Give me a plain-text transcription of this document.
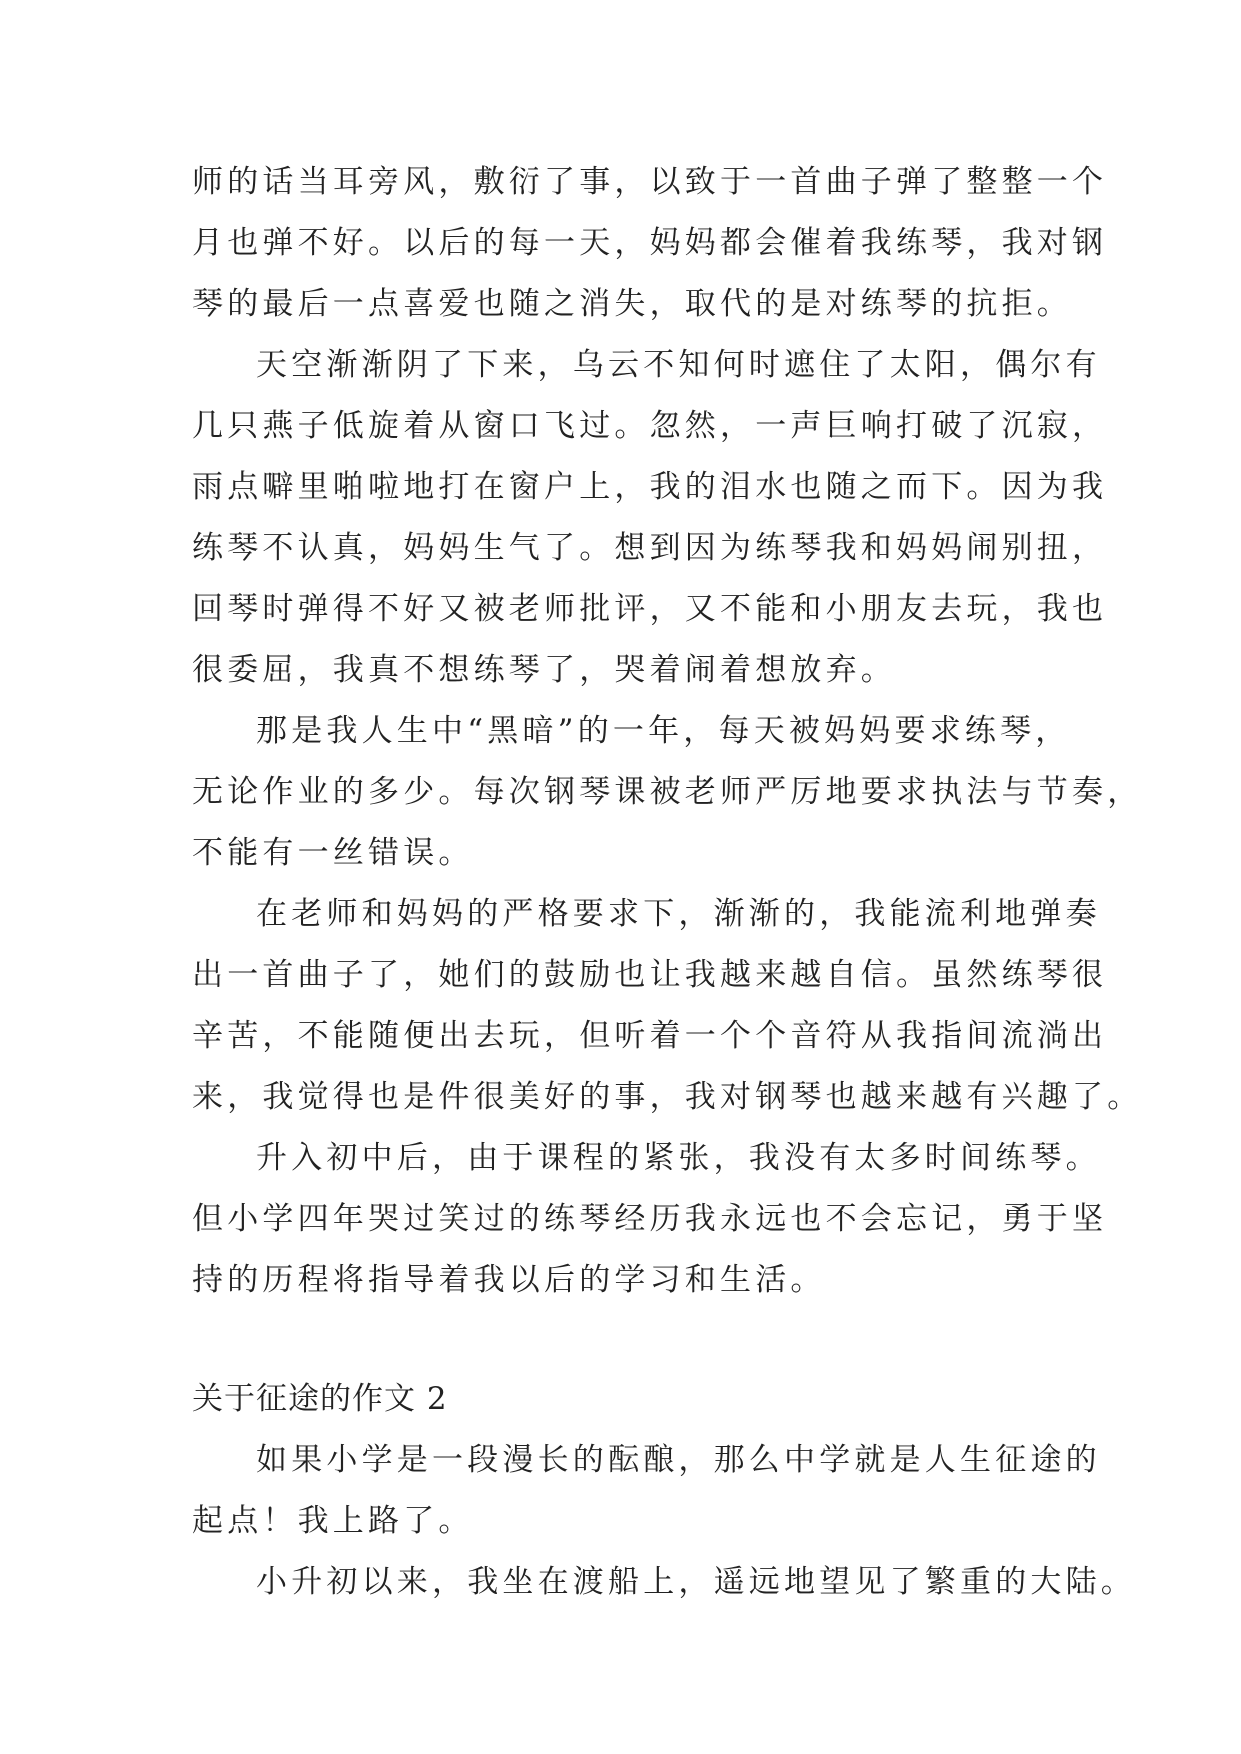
师的话当耳旁风，敷衍了事，以致于一首曲子弹了整整一个
月也弹不好。以后的每一天，妈妈都会催着我练琴，我对钢
琴的最后一点喜爱也随之消失，取代的是对练琴的抗拒。
天空渐渐阴了下来，乌云不知何时遮住了太阳，偶尔有
几只燕子低旋着从窗口飞过。忽然，一声巨响打破了沉寂，
雨点噼里啪啦地打在窗户上，我的泪水也随之而下。因为我
练琴不认真，妈妈生气了。想到因为练琴我和妈妈闹别扭，
回琴时弹得不好又被老师批评，又不能和小朋友去玩，我也
很委屈，我真不想练琴了，哭着闹着想放弃。
那是我人生中“黑暗”的一年，每天被妈妈要求练琴，
无论作业的多少。每次钢琴课被老师严厉地要求执法与节奏，
不能有一丝错误。
在老师和妈妈的严格要求下，渐渐的，我能流利地弹奏
出一首曲子了，她们的鼓励也让我越来越自信。虽然练琴很
辛苦，不能随便出去玩，但听着一个个音符从我指间流淌出
来，我觉得也是件很美好的事，我对钢琴也越来越有兴趣了。
升入初中后，由于课程的紧张，我没有太多时间练琴。
但小学四年哭过笑过的练琴经历我永远也不会忘记，勇于坚
持的历程将指导着我以后的学习和生活。
关于征途的作文 2
如果小学是一段漫长的酝酿，那么中学就是人生征途的
起点！我上路了。
小升初以来，我坐在渡船上，遥远地望见了繁重的大陆。
